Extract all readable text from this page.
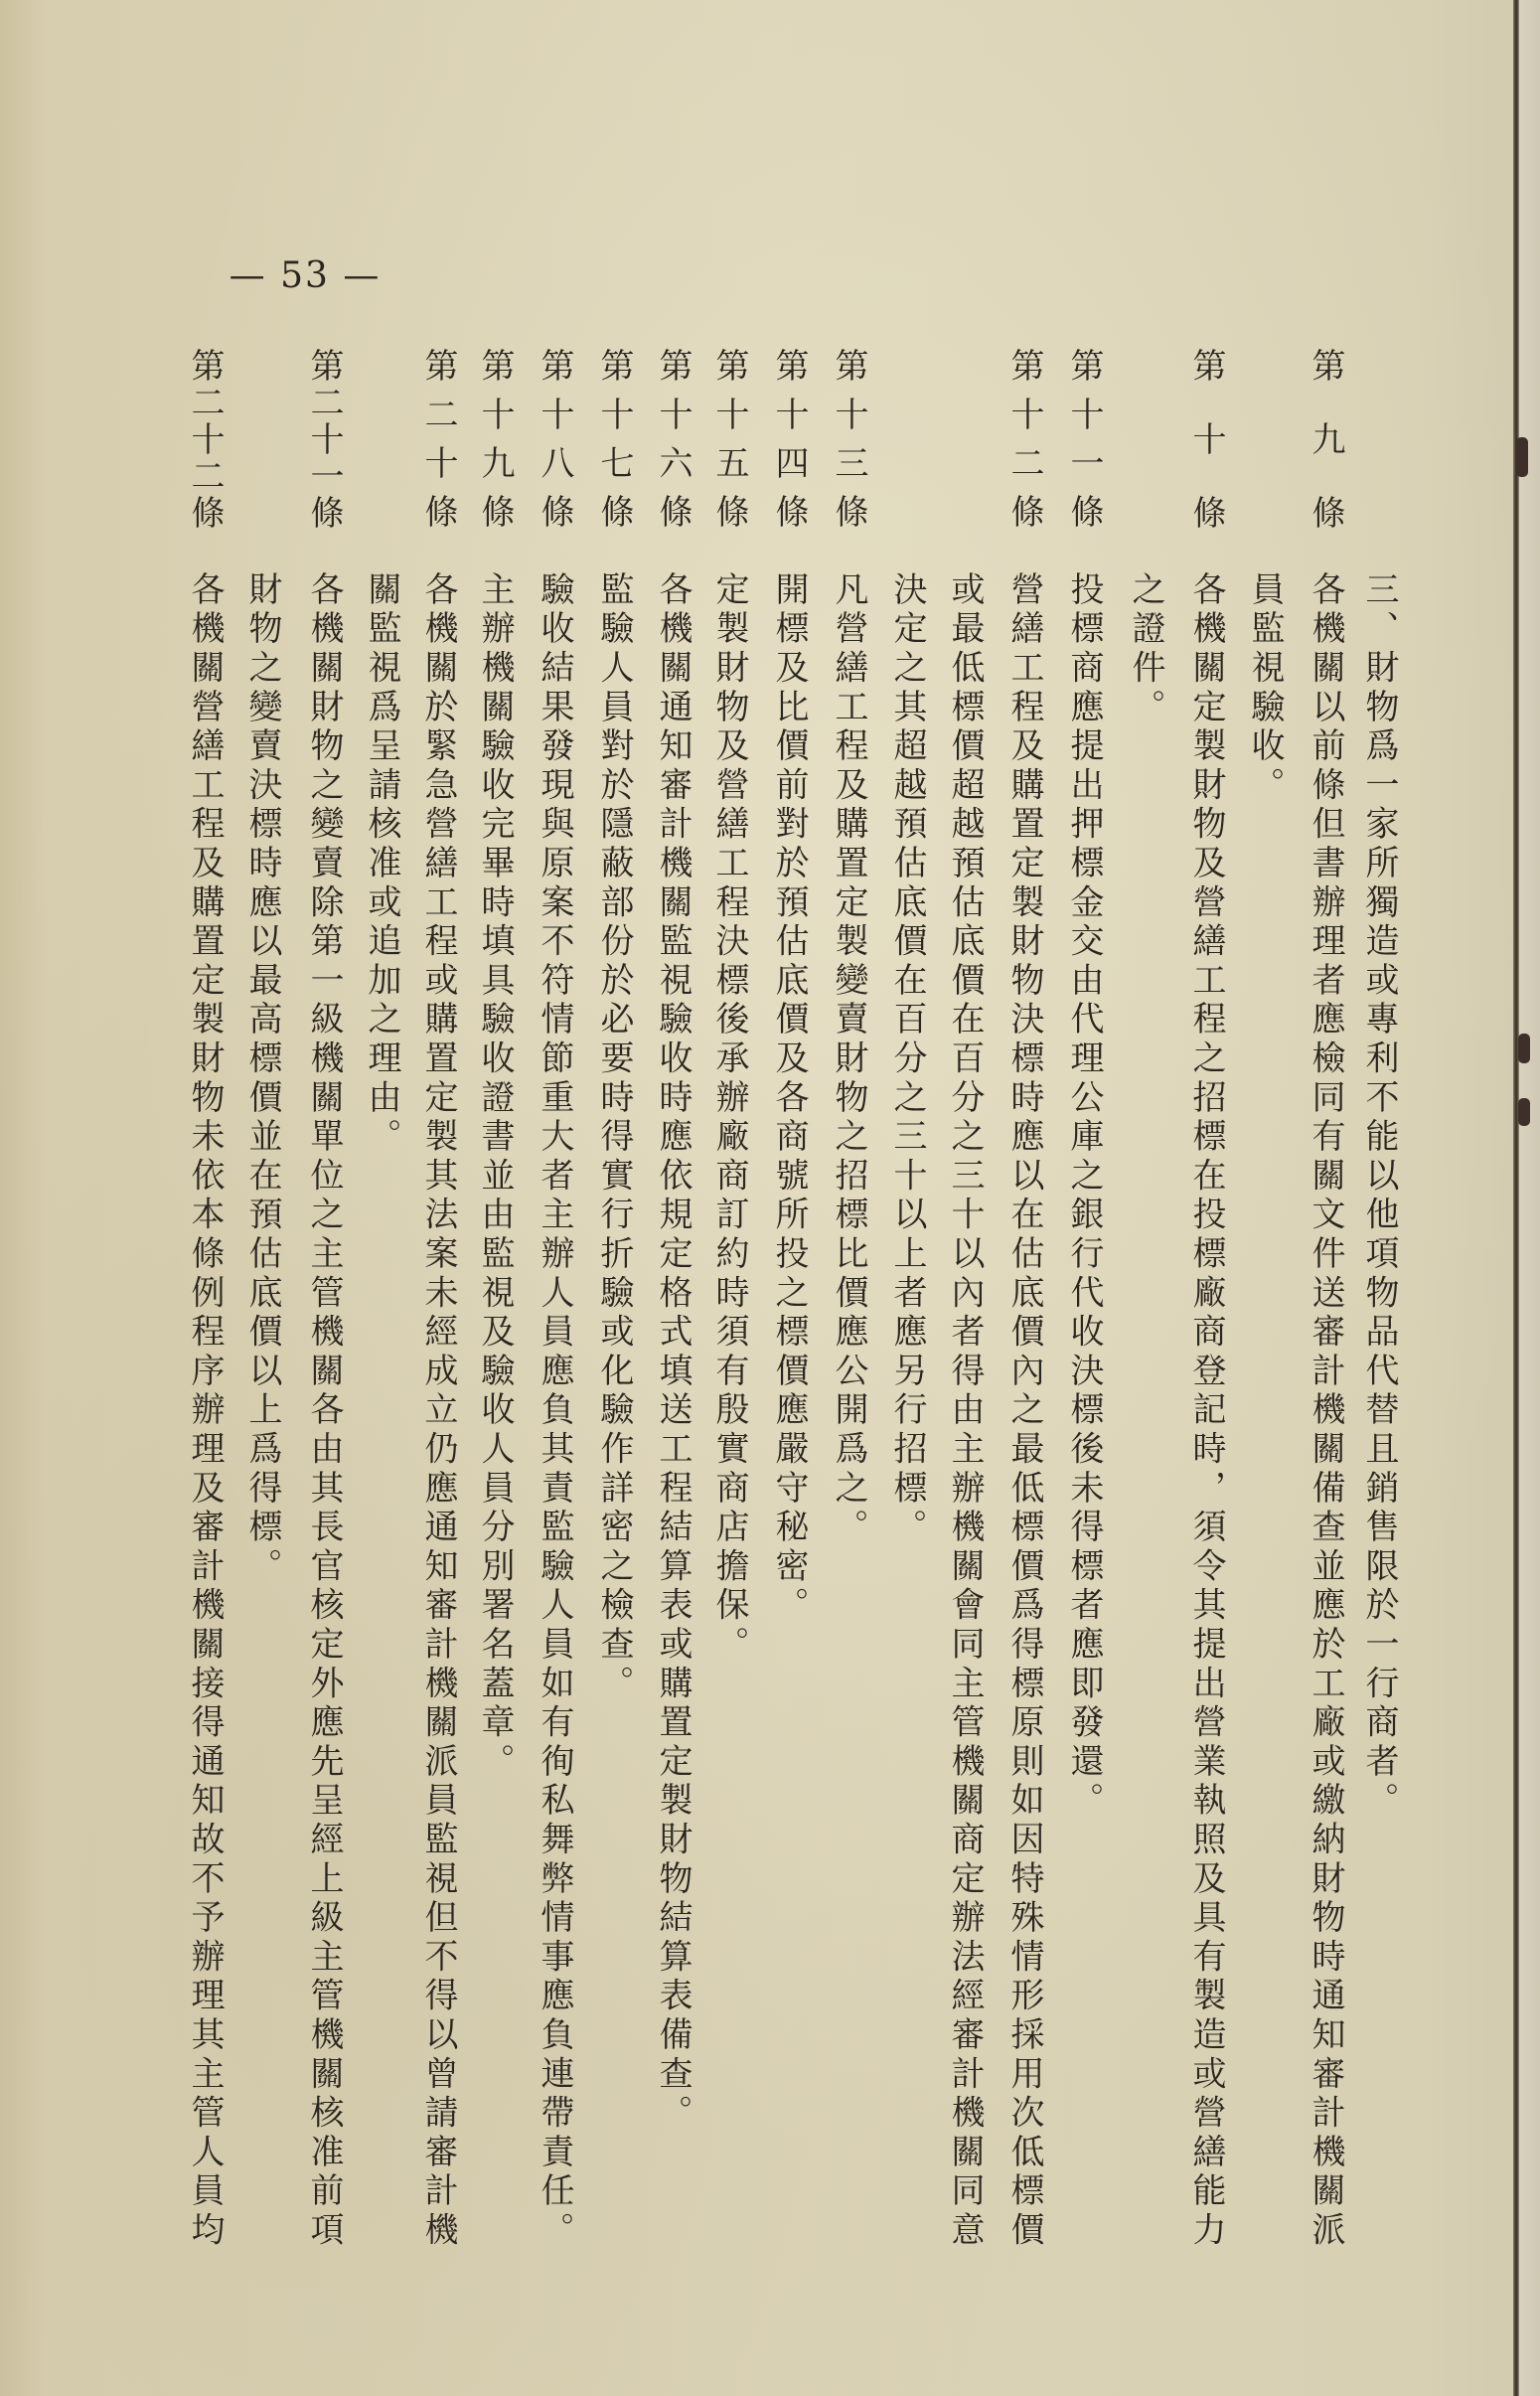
— 53 —
三、財物爲一家所獨造或專利不能以他項物品代替且銷售限於一行商者。
第九條
各機關以前條但書辦理者應檢同有關文件送審計機關備查並應於工廠或繳納財物時通知審計機關派
員監視驗收。
第十條
各機關定製財物及營繕工程之招標在投標廠商登記時，須令其提出營業執照及具有製造或營繕能力
之證件。
第十一條
投標商應提出押標金交由代理公庫之銀行代收決標後未得標者應即發還。
第十二條
營繕工程及購置定製財物決標時應以在估底價內之最低標價爲得標原則如因特殊情形採用次低標價
或最低標價超越預估底價在百分之三十以內者得由主辦機關會同主管機關商定辦法經審計機關同意
決定之其超越預估底價在百分之三十以上者應另行招標。
第十三條
凡營繕工程及購置定製變賣財物之招標比價應公開爲之。
第十四條
開標及比價前對於預估底價及各商號所投之標價應嚴守秘密。
第十五條
定製財物及營繕工程決標後承辦廠商訂約時須有殷實商店擔保。
第十六條
各機關通知審計機關監視驗收時應依規定格式填送工程結算表或購置定製財物結算表備查。
第十七條
監驗人員對於隱蔽部份於必要時得實行折驗或化驗作詳密之檢查。
第十八條
驗收結果發現與原案不符情節重大者主辦人員應負其責監驗人員如有徇私舞弊情事應負連帶責任。
第十九條
主辦機關驗收完畢時填具驗收證書並由監視及驗收人員分別署名蓋章。
第二十條
各機關於緊急營繕工程或購置定製其法案未經成立仍應通知審計機關派員監視但不得以曾請審計機
關監視爲呈請核准或追加之理由。
第二十一條
各機關財物之變賣除第一級機關單位之主管機關各由其長官核定外應先呈經上級主管機關核准前項
財物之變賣決標時應以最高標價並在預估底價以上爲得標。
第二十二條
各機關營繕工程及購置定製財物未依本條例程序辦理及審計機關接得通知故不予辦理其主管人員均
